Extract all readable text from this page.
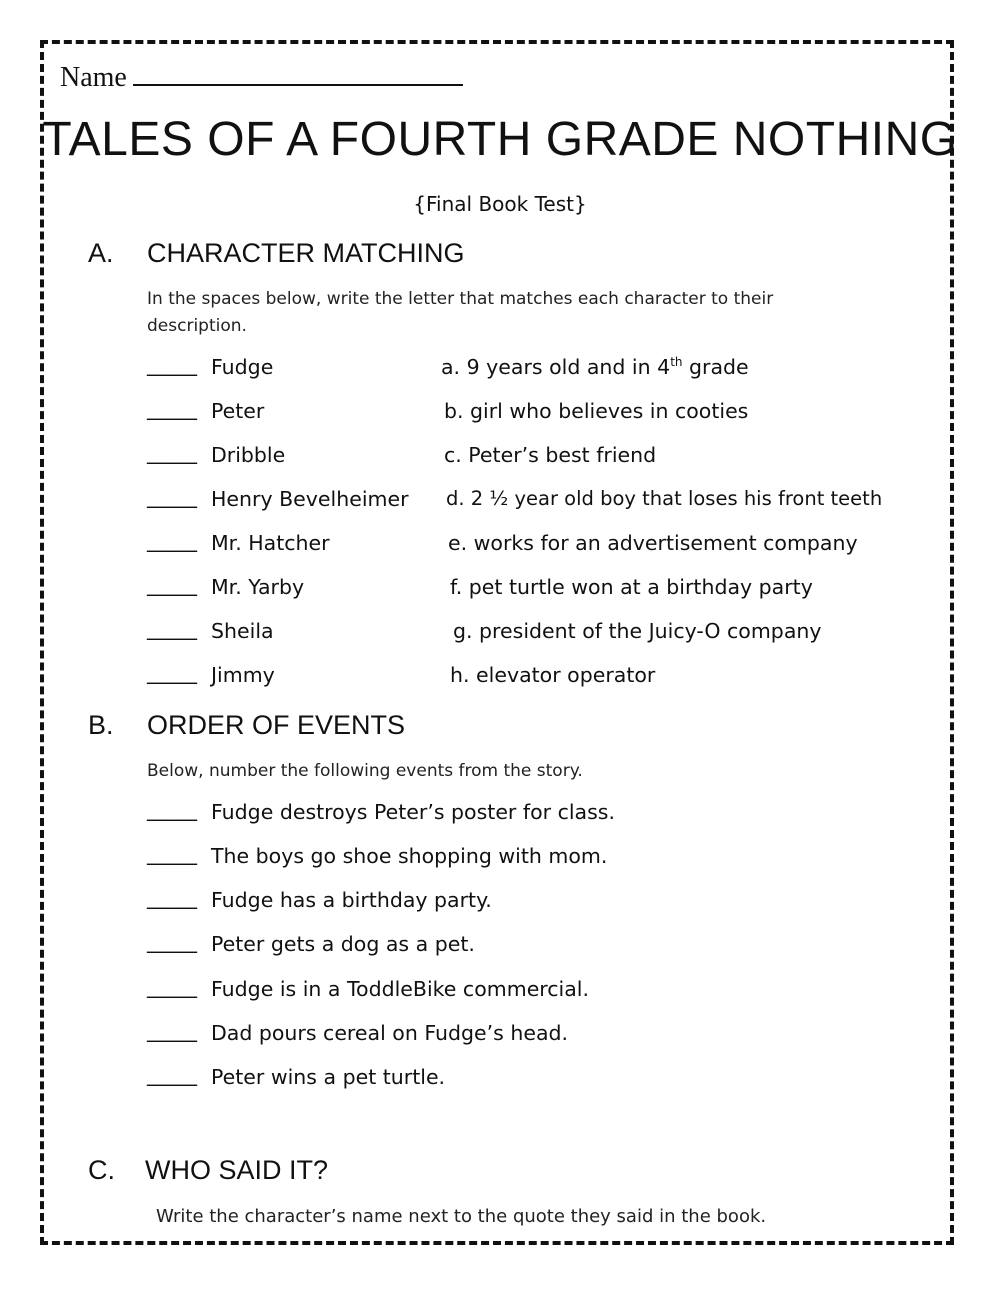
Name
TALES OF A FOURTH GRADE NOTHING
{Final Book Test}
A. CHARACTER MATCHING
In the spaces below, write the letter that matches each character to their
description.
_____ Fudge	a. 9 years old and in 4th grade
_____ Peter	b. girl who believes in cooties
_____ Dribble	c. Peter’s best friend
_____ Henry Bevelheimer d. 2 ½ year old boy that loses his front teeth
_____ Mr. Hatcher	e. works for an advertisement company
_____ Mr. Yarby	f. pet turtle won at a birthday party
_____ Sheila	g. president of the Juicy-O company
_____ Jimmy	h. elevator operator
B. ORDER OF EVENTS
Below, number the following events from the story.
_____ Fudge destroys Peter’s poster for class.
_____ The boys go shoe shopping with mom.
_____ Fudge has a birthday party.
_____ Peter gets a dog as a pet.
_____ Fudge is in a ToddleBike commercial.
_____ Dad pours cereal on Fudge’s head.
_____ Peter wins a pet turtle.
C. WHO SAID IT?
Write the character’s name next to the quote they said in the book.
